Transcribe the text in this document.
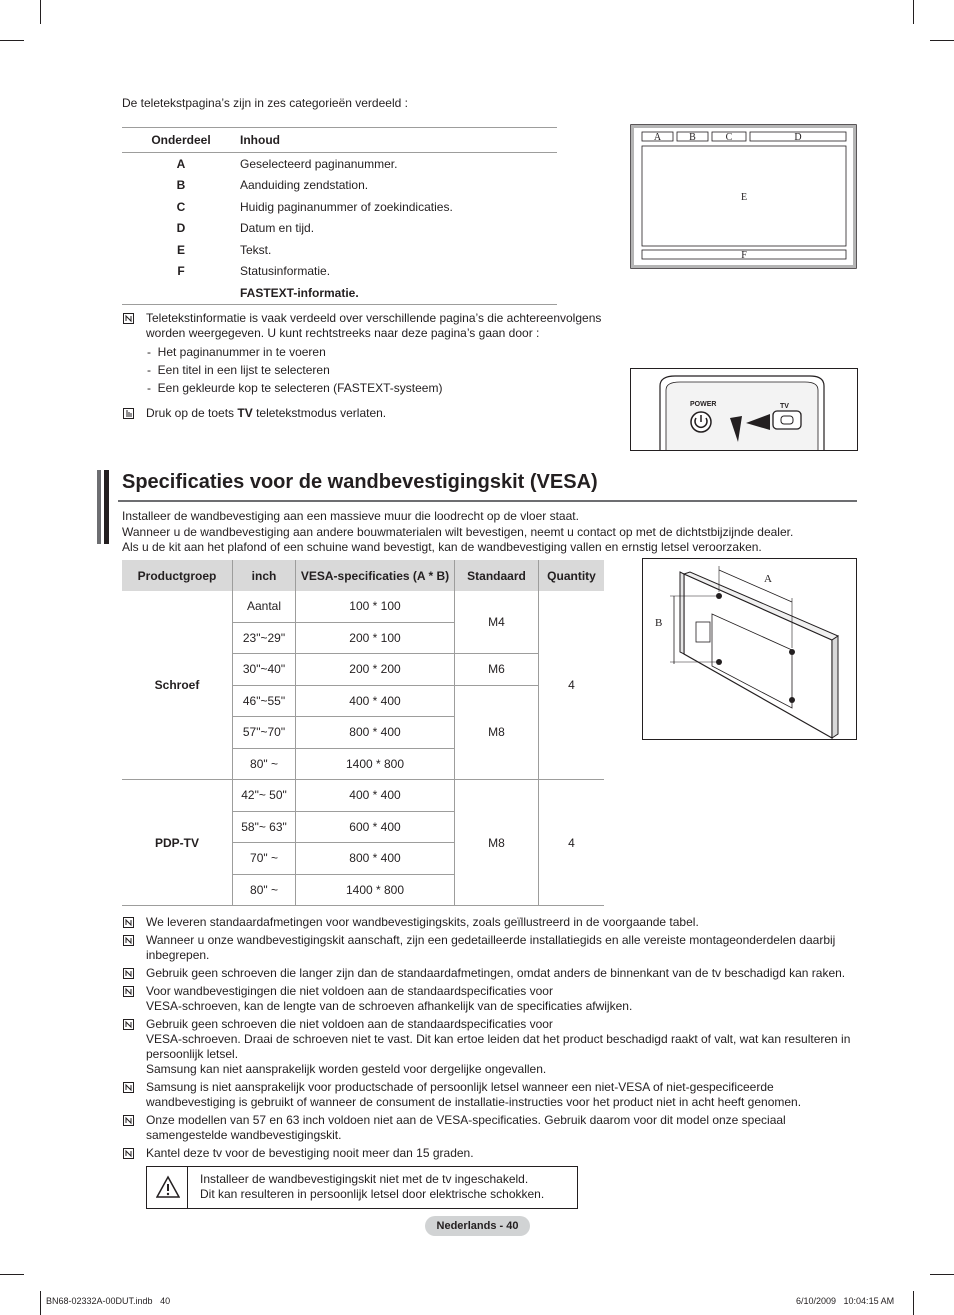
De teletekstpagina’s zijn in zes categorieën verdeeld :
Onderdeel	Inhoud
A	Geselecteerd paginanummer.
B	Aanduiding zendstation.
C	Huidig paginanummer of zoekindicaties.
D	Datum en tijd.
E	Tekst.
F	Statusinformatie.
	FASTEXT-informatie.
A	B	C	D
E
F
Teletekstinformatie is vaak verdeeld over verschillende pagina’s die achtereenvolgens worden weergegeven. U kunt rechtstreeks naar deze pagina’s gaan door :
-  Het paginanummer in te voeren
-  Een titel in een lijst te selecteren
-  Een gekleurde kop te selecteren (FASTEXT-systeem)
Druk op de toets TV teletekstmodus verlaten.
POWER	TV
Specificaties voor de wandbevestigingskit (VESA)
Installeer de wandbevestiging aan een massieve muur die loodrecht op de vloer staat.
Wanneer u de wandbevestiging aan andere bouwmaterialen wilt bevestigen, neemt u contact op met de dichtstbijzijnde dealer.
Als u de kit aan het plafond of een schuine wand bevestigt, kan de wandbevestiging vallen en ernstig letsel veroorzaken.
Productgroep	inch	VESA-specificaties (A * B)	Standaard	Quantity
Schroef	Aantal	100 * 100	M4	4
	23"~29"	200 * 100		
	30"~40"	200 * 200	M6	
	46"~55"	400 * 400	M8	
	57"~70"	800 * 400		
	80" ~	1400 * 800		
PDP-TV	42"~ 50"	400 * 400	M8	4
	58"~ 63"	600 * 400		
	70" ~	800 * 400		
	80" ~	1400 * 800		
A
B
We leveren standaardafmetingen voor wandbevestigingskits, zoals geïllustreerd in de voorgaande tabel.
Wanneer u onze wandbevestigingskit aanschaft, zijn een gedetailleerde installatiegids en alle vereiste montageonderdelen daarbij inbegrepen.
Gebruik geen schroeven die langer zijn dan de standaardafmetingen, omdat anders de binnenkant van de tv beschadigd kan raken.
Voor wandbevestigingen die niet voldoen aan de standaardspecificaties voor
VESA-schroeven, kan de lengte van de schroeven afhankelijk van de specificaties afwijken.
Gebruik geen schroeven die niet voldoen aan de standaardspecificaties voor
VESA-schroeven. Draai de schroeven niet te vast. Dit kan ertoe leiden dat het product beschadigd raakt of valt, wat kan resulteren in persoonlijk letsel.
Samsung kan niet aansprakelijk worden gesteld voor dergelijke ongevallen.
Samsung is niet aansprakelijk voor productschade of persoonlijk letsel wanneer een niet-VESA of niet-gespecificeerde wandbevestiging is gebruikt of wanneer de consument de installatie-instructies voor het product niet in acht heeft genomen.
Onze modellen van 57 en 63 inch voldoen niet aan de VESA-specificaties. Gebruik daarom voor dit model onze speciaal samengestelde wandbevestigingskit.
Kantel deze tv voor de bevestiging nooit meer dan 15 graden.
Installeer de wandbevestigingskit niet met de tv ingeschakeld.
Dit kan resulteren in persoonlijk letsel door elektrische schokken.
Nederlands - 40
BN68-02332A-00DUT.indb   40	6/10/2009   10:04:15 AM
